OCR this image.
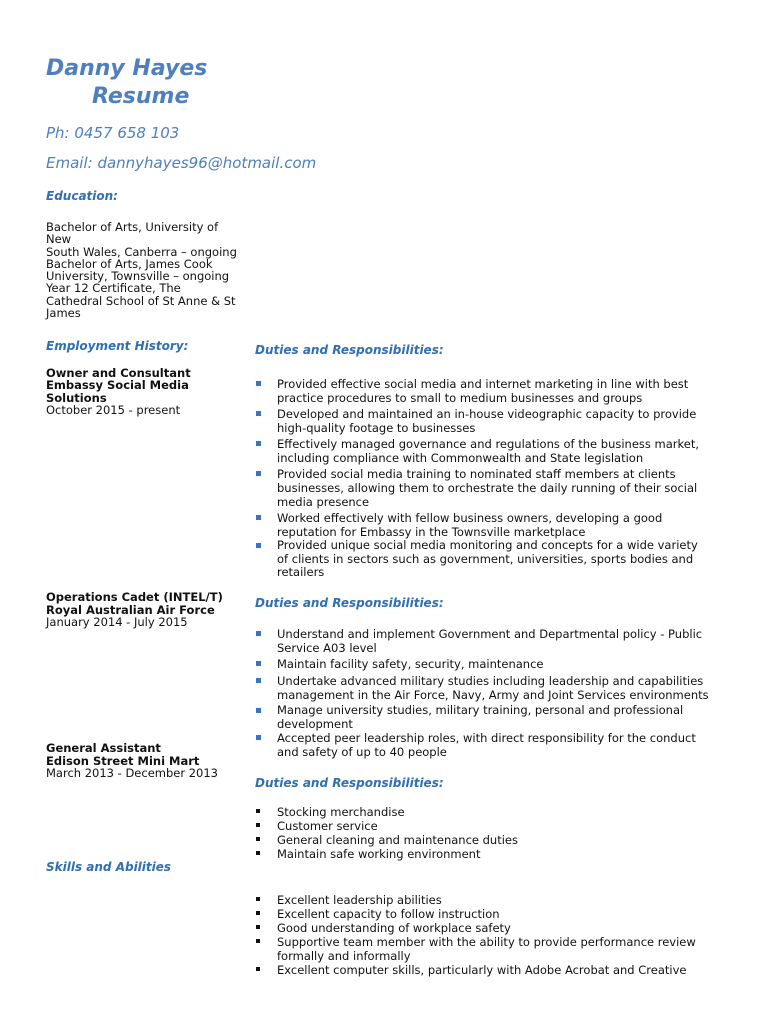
Danny Hayes
Resume
Ph: 0457 658 103
Email: dannyhayes96@hotmail.com
Education:
Bachelor of Arts, University of
New
South Wales, Canberra – ongoing
Bachelor of Arts, James Cook
University, Townsville – ongoing
Year 12 Certificate, The
Cathedral School of St Anne & St
James
Employment History:
Owner and Consultant
Embassy Social Media
Solutions
October 2015 - present
Duties and Responsibilities:
Provided effective social media and internet marketing in line with best
practice procedures to small to medium businesses and groups
Developed and maintained an in-house videographic capacity to provide
high-quality footage to businesses
Effectively managed governance and regulations of the business market,
including compliance with Commonwealth and State legislation
Provided social media training to nominated staff members at clients
businesses, allowing them to orchestrate the daily running of their social
media presence
Worked effectively with fellow business owners, developing a good
reputation for Embassy in the Townsville marketplace
Provided unique social media monitoring and concepts for a wide variety
of clients in sectors such as government, universities, sports bodies and
retailers
Operations Cadet (INTEL/T)
Royal Australian Air Force
January 2014 - July 2015
Duties and Responsibilities:
Understand and implement Government and Departmental policy - Public
Service A03 level
Maintain facility safety, security, maintenance
Undertake advanced military studies including leadership and capabilities
management in the Air Force, Navy, Army and Joint Services environments
Manage university studies, military training, personal and professional
development
Accepted peer leadership roles, with direct responsibility for the conduct
and safety of up to 40 people
General Assistant
Edison Street Mini Mart
March 2013 - December 2013
Duties and Responsibilities:
Stocking merchandise
Customer service
General cleaning and maintenance duties
Maintain safe working environment
Skills and Abilities
Excellent leadership abilities
Excellent capacity to follow instruction
Good understanding of workplace safety
Supportive team member with the ability to provide performance review
formally and informally
Excellent computer skills, particularly with Adobe Acrobat and Creative
